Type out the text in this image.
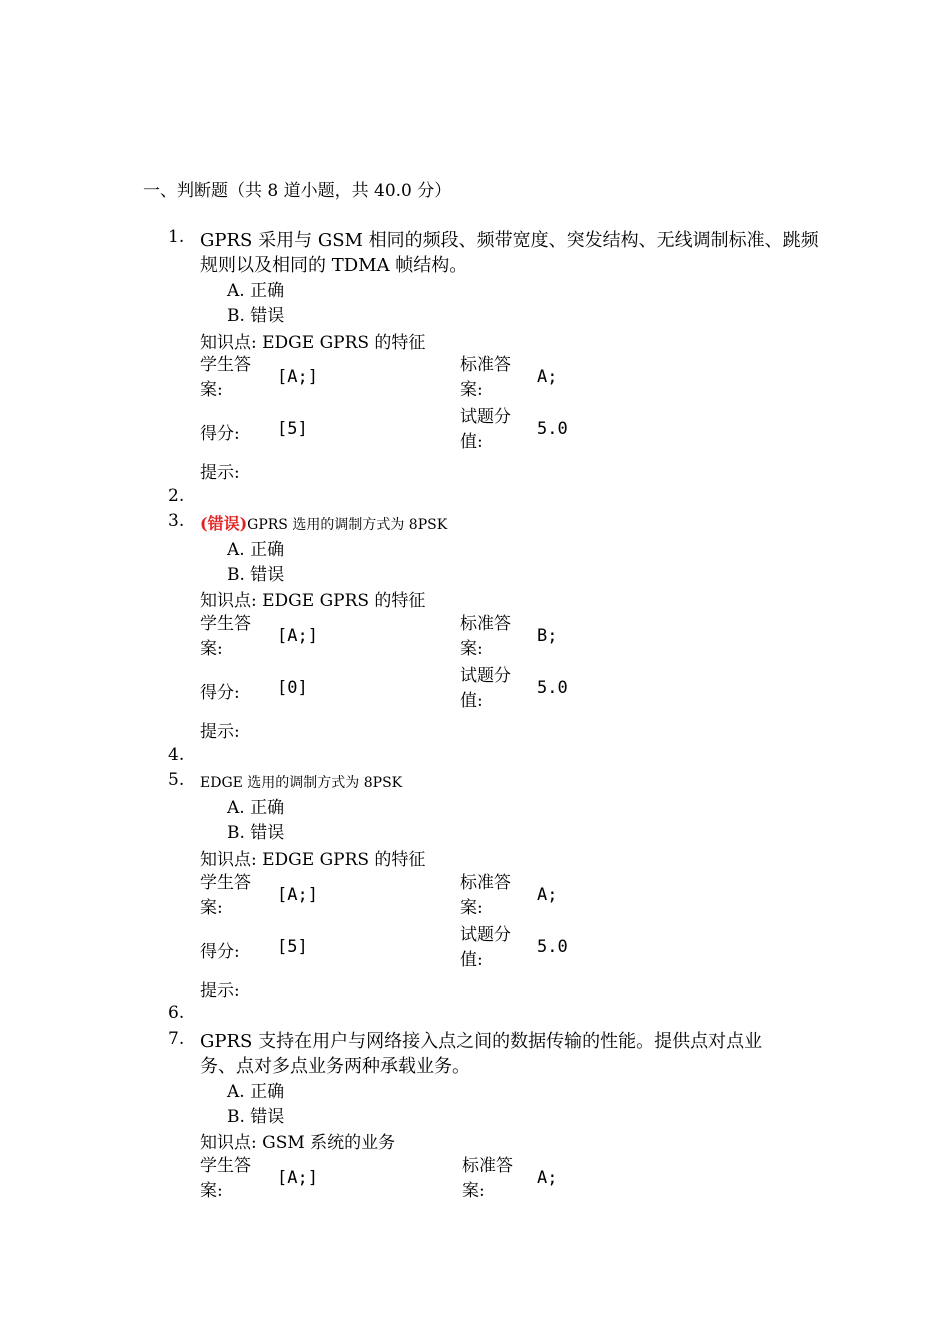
一、判断题（共 8 道小题，共 40.0 分）
1. GPRS 采用与 GSM 相同的频段、频带宽度、突发结构、无线调制标准、跳频
规则以及相同的 TDMA 帧结构。
A. 正确
B. 错误
知识点: EDGE GPRS 的特征
学生答
案:
[A;]
标准答
案:
A;
得分: [5]
试题分
值:
5.0
提示:
2.
3. (错误)GPRS 选用的调制方式为 8PSK
A. 正确
B. 错误
知识点: EDGE GPRS 的特征
学生答
案:
[A;]
标准答
案:
B;
得分: [0]
试题分
值:
5.0
提示:
4.
5. EDGE 选用的调制方式为 8PSK
A. 正确
B. 错误
知识点: EDGE GPRS 的特征
学生答
案:
[A;]
标准答
案:
A;
得分: [5]
试题分
值:
5.0
提示:
6.
7. GPRS 支持在用户与网络接入点之间的数据传输的性能。提供点对点业
务、点对多点业务两种承载业务。
A. 正确
B. 错误
知识点: GSM 系统的业务
学生答
案:
[A;]
标准答
案:
A;
